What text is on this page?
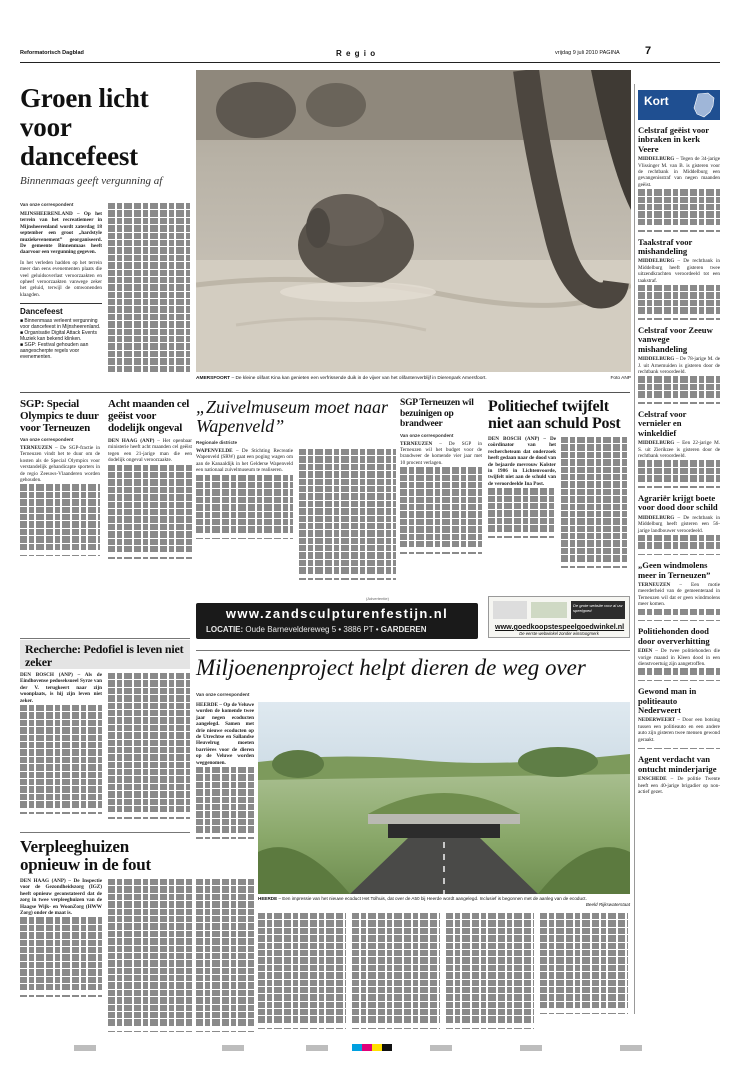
Reformatorisch Dagblad	R e g i o	vrijdag 9 juli 2010 PAGINA 7
Groen licht voor dancefeest
Binnenmaas geeft vergunning af
Van onze correspondent
MIJNSHEERENLAND – Op het terrein van het recreatiemeer in Mijnsheerenland wordt zaterdag 18 september een groot „hardstyle muziekevenement” georganiseerd. De gemeente Binnenmaas heeft daarvoor een vergunning gegeven.
In het verleden hadden op het terrein meer dan eens evenementen plaats die veel geluidsoverlast veroorzaakten en opheef veroorzaakten vanwege zeker het geluid, terwijl de omwonenden klaagden.
Dancefeest
■ Binnenmaas verleent vergunning voor dancefeest in Mijnsheerenland.
■ Organisatie Digital Attack Events Muziek kan bekend klinken.
■ SGP: Festival gehouden aan aangescherpte regels voor evenementen.
AMERSFOORT – De kleine olifant Kina kan genieten een verfrissende duik in de vijver van het olifantenverblijf in Dierenpark Amersfoort.	Foto ANP
Kort
Celstraf geëist voor inbraken in kerk Veere
MIDDELBURG – Tegen de 34-jarige Vlissinger M. van B. is gisteren voor de rechtbank in Middelburg een gevangenisstraf van negen maanden geëist.
Taakstraf voor mishandeling
MIDDELBURG – De rechtbank in Middelburg heeft gisteren twee uitzendkrachten veroordeeld tot een taakstraf.
Celstraf voor Zeeuw vanwege mishandeling
MIDDELBURG – De 78-jarige M. de J. uit Arnemuiden is gisteren door de rechtbank veroordeeld.
Celstraf voor vernieler en winkeldief
MIDDELBURG – Een 22-jarige M. S. uit Zierikzee is gisteren door de rechtbank veroordeeld.
Agrariër krijgt boete voor dood door schild
MIDDELBURG – De rechtbank in Middelburg heeft gisteren een 56-jarige landbouwer veroordeeld.
„Geen windmolens meer in Terneuzen”
TERNEUZEN – Een motie meerderheid van de gemeenteraad in Terneuzen wil dat er geen windmolens meer komen.
Politiehonden dood door oververhitting
EDEN – De twee politiehonden die vorige maand in Kleen dood in een dienstvoertuig zijn aangetroffen.
Gewond man in politieauto Nederweert
NEDERWEERT – Door een botsing tussen een politieauto en een andere auto zijn gisteren twee mensen gewond geraakt.
Agent verdacht van ontucht minderjarige
ENSCHEDE – De politie Twente heeft een 40-jarige brigadier op non-actief gezet.
SGP: Special Olympics te duur voor Terneuzen
Van onze correspondent
TERNEUZEN – De SGP-fractie in Terneuzen vindt het te duur om de kosten als de Special Olympics voor verstandelijk gehandicapte sporters in de regio Zeeuws-Vlaanderen worden gehouden.
Acht maanden cel geëist voor dodelijk ongeval
DEN HAAG (ANP) – Het openbaar ministerie heeft acht maanden cel geëist tegen een 21-jarige man die een dodelijk ongeval veroorzaakte.
„Zuivelmuseum moet naar Wapenveld”
Regionale districte
WAPENVELDE – De Stichting Recreatie Wapenveld (SRW) gaat een poging wagen om aan de Kanaaldijk in het Gelderse Wapenveld een nationaal zuivelmuseum te realiseren.
SGP Terneuzen wil bezuinigen op brandweer
Van onze correspondent
TERNEUZEN – De SGP in Terneuzen wil het budget voor de brandweer de komende vier jaar met 10 procent verlagen.
Politiechef twijfelt niet aan schuld Post
DEN BOSCH (ANP) – De coördinator van het rechercheteam dat onderzoek heeft gedaan naar de dood van de bejaarde mevrouw Kolster in 1986 in Lichtenvoorde, twijfelt niet aan de schuld van de veroordeelde Ina Post.
(Advertentie)
www.zandsculpturenfestijn.nl
LOCATIE: Oude Barneveldereweg 5 • 3886 PT • GARDEREN
De grote website voor al uw speelgoed
www.goedkoopstespeelgoedwinkel.nl
De eerste webwinkel zonder winstoogmerk
Recherche: Pedofiel is leven niet zeker
DEN BOSCH (ANP) – Als de Eindhovense pedoseksueel Syrze van der V. terugkeert naar zijn woonplaats, is hij zijn leven niet zeker.
Miljoenenproject helpt dieren de weg over
Van onze correspondent
HEERDE – Op de Veluwe worden de komende twee jaar negen ecoducten aangelegd. Samen met drie nieuwe ecoducten op de Utrechtse en Sallandse Heuvelrug moeten barrières voor de dieren op de Veluwe worden weggenomen.
HEERDE – Een impressie van het nieuwe ecoduct Het Tolhuis, dat over de A50 bij Heerde wordt aangelegd. Inclusief is begonnen met de aanleg van de ecoduct.
Beeld Rijkswaterstaat
Verpleeghuizen opnieuw in de fout
DEN HAAG (ANP) – De Inspectie voor de Gezondheidszorg (IGZ) heeft opnieuw geconstateerd dat de zorg in twee verpleeghuizen van de Haagse Wijk- en WoonZorg (HWW Zorg) onder de maat is.
